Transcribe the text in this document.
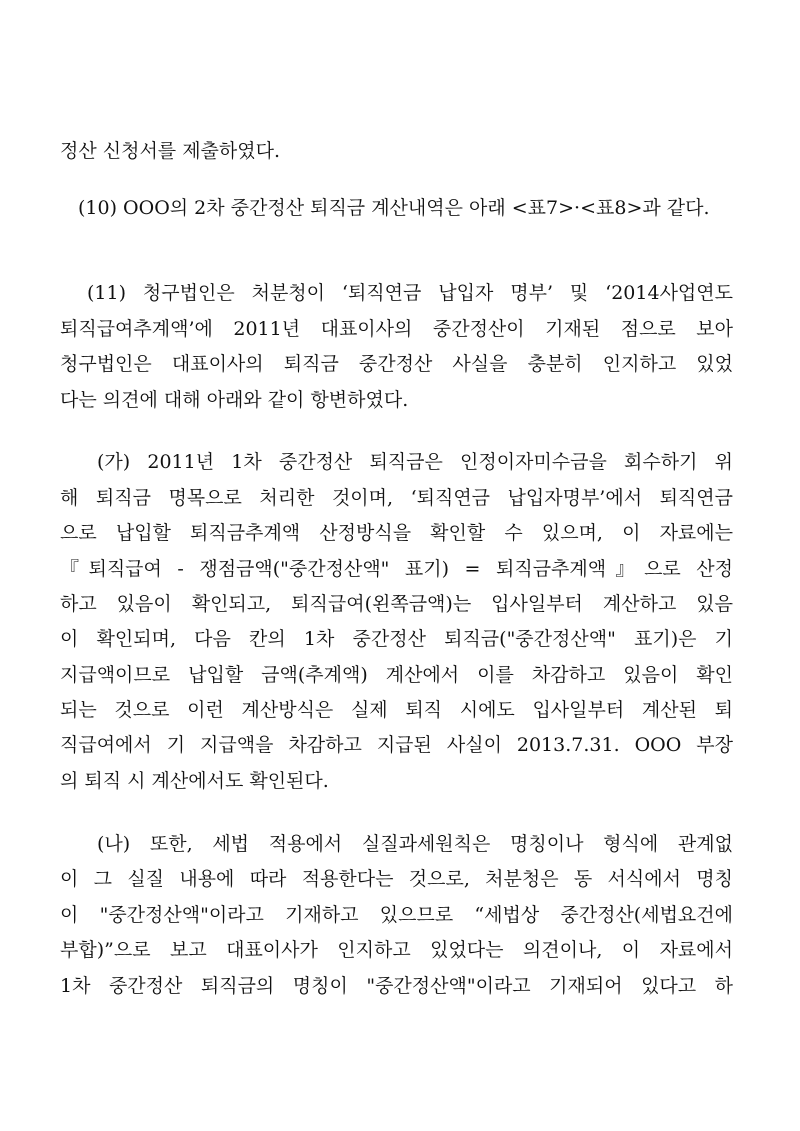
정산 신청서를 제출하였다.
(10) OOO의 2차 중간정산 퇴직금 계산내역은 아래 <표7>·<표8>과 같다.
(11) 청구법인은 처분청이 ‘퇴직연금 납입자 명부’ 및 ‘2014사업연도
퇴직급여추계액’에 2011년 대표이사의 중간정산이 기재된 점으로 보아
청구법인은 대표이사의 퇴직금 중간정산 사실을 충분히 인지하고 있었
다는 의견에 대해 아래와 같이 항변하였다.
(가) 2011년 1차 중간정산 퇴직금은 인정이자미수금을 회수하기 위
해 퇴직금 명목으로 처리한 것이며, ‘퇴직연금 납입자명부’에서 퇴직연금
으로 납입할 퇴직금추계액 산정방식을 확인할 수 있으며, 이 자료에는
『퇴직급여 - 쟁점금액("중간정산액" 표기) = 퇴직금추계액』으로 산정
하고 있음이 확인되고, 퇴직급여(왼쪽금액)는 입사일부터 계산하고 있음
이 확인되며, 다음 칸의 1차 중간정산 퇴직금("중간정산액" 표기)은 기
지급액이므로 납입할 금액(추계액) 계산에서 이를 차감하고 있음이 확인
되는 것으로 이런 계산방식은 실제 퇴직 시에도 입사일부터 계산된 퇴
직급여에서 기 지급액을 차감하고 지급된 사실이 2013.7.31. OOO 부장
의 퇴직 시 계산에서도 확인된다.
(나) 또한, 세법 적용에서 실질과세원칙은 명칭이나 형식에 관계없
이 그 실질 내용에 따라 적용한다는 것으로, 처분청은 동 서식에서 명칭
이 "중간정산액"이라고 기재하고 있으므로 “세법상 중간정산(세법요건에
부합)”으로 보고 대표이사가 인지하고 있었다는 의견이나, 이 자료에서
1차 중간정산 퇴직금의 명칭이 "중간정산액"이라고 기재되어 있다고 하
